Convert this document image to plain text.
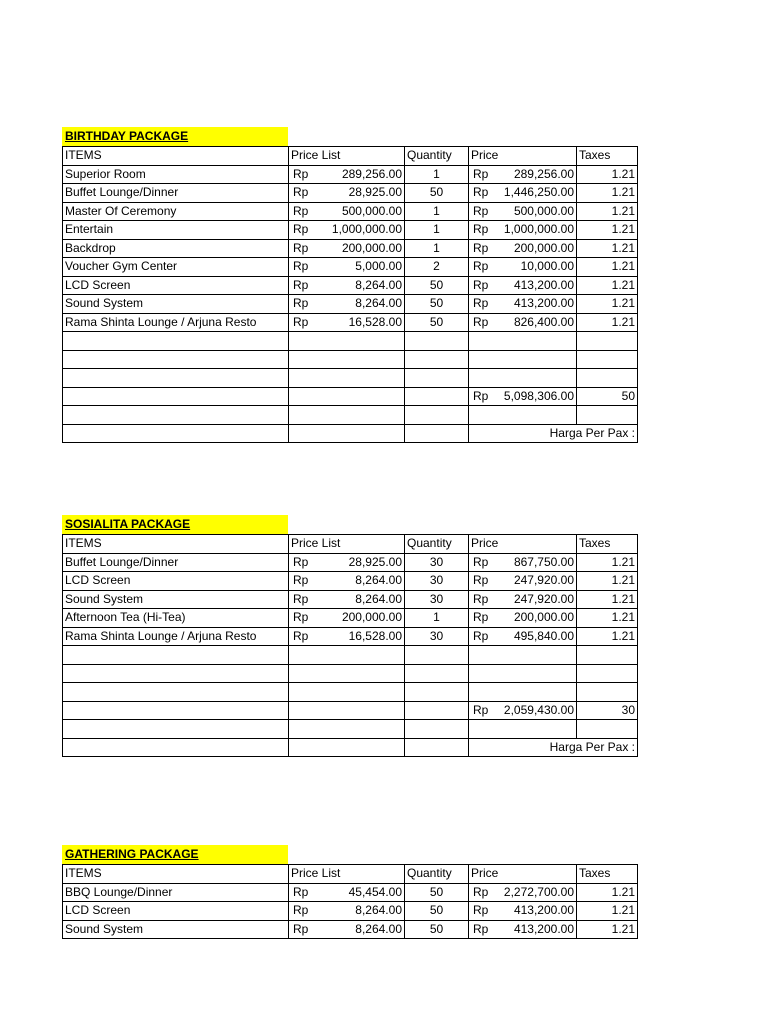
BIRTHDAY PACKAGE
ITEMS	Price List	Quantity	Price	Taxes
Superior Room	Rp 289,256.00	1	Rp 289,256.00	1.21
Buffet Lounge/Dinner	Rp 28,925.00	50	Rp 1,446,250.00	1.21
Master Of Ceremony	Rp 500,000.00	1	Rp 500,000.00	1.21
Entertain	Rp 1,000,000.00	1	Rp 1,000,000.00	1.21
Backdrop	Rp 200,000.00	1	Rp 200,000.00	1.21
Voucher Gym Center	Rp 5,000.00	2	Rp 10,000.00	1.21
LCD Screen	Rp 8,264.00	50	Rp 413,200.00	1.21
Sound System	Rp 8,264.00	50	Rp 413,200.00	1.21
Rama Shinta Lounge / Arjuna Resto	Rp 16,528.00	50	Rp 826,400.00	1.21

			Rp 5,098,306.00	50

			Harga Per Pax :	
SOSIALITA PACKAGE
ITEMS	Price List	Quantity	Price	Taxes
Buffet Lounge/Dinner	Rp 28,925.00	30	Rp 867,750.00	1.21
LCD Screen	Rp 8,264.00	30	Rp 247,920.00	1.21
Sound System	Rp 8,264.00	30	Rp 247,920.00	1.21
Afternoon Tea (Hi-Tea)	Rp 200,000.00	1	Rp 200,000.00	1.21
Rama Shinta Lounge / Arjuna Resto	Rp 16,528.00	30	Rp 495,840.00	1.21

			Rp 2,059,430.00	30

			Harga Per Pax :	
GATHERING PACKAGE
ITEMS	Price List	Quantity	Price	Taxes
BBQ Lounge/Dinner	Rp 45,454.00	50	Rp 2,272,700.00	1.21
LCD Screen	Rp 8,264.00	50	Rp 413,200.00	1.21
Sound System	Rp 8,264.00	50	Rp 413,200.00	1.21
